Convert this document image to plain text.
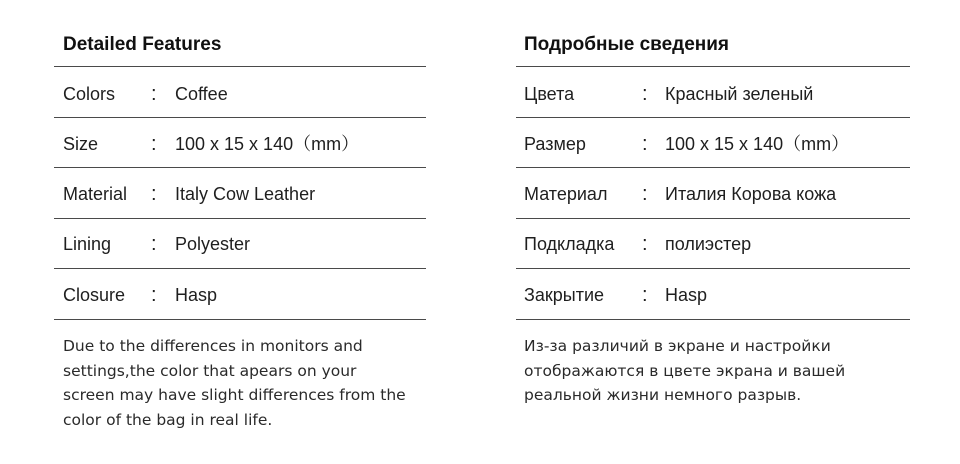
Detailed Features
Colors : Coffee
Size	: 100 x 15 x 140（mm）
Material : Italy Cow Leather
Lining : Polyester
Closure : Hasp
Due to the differences in monitors and
settings,the color that apears on your
screen may have slight differences from the
color of the bag in real life.
Подробные сведения
Цвета	: Красный зеленый
Размер	: 100 x 15 x 140（mm）
Материал : Италия Корова кожа
Подкладка : полиэстер
Закрытие : Hasp
Из-за различий в экране и настройки
отображаются в цвете экрана и вашей
реальной жизни немного разрыв.
